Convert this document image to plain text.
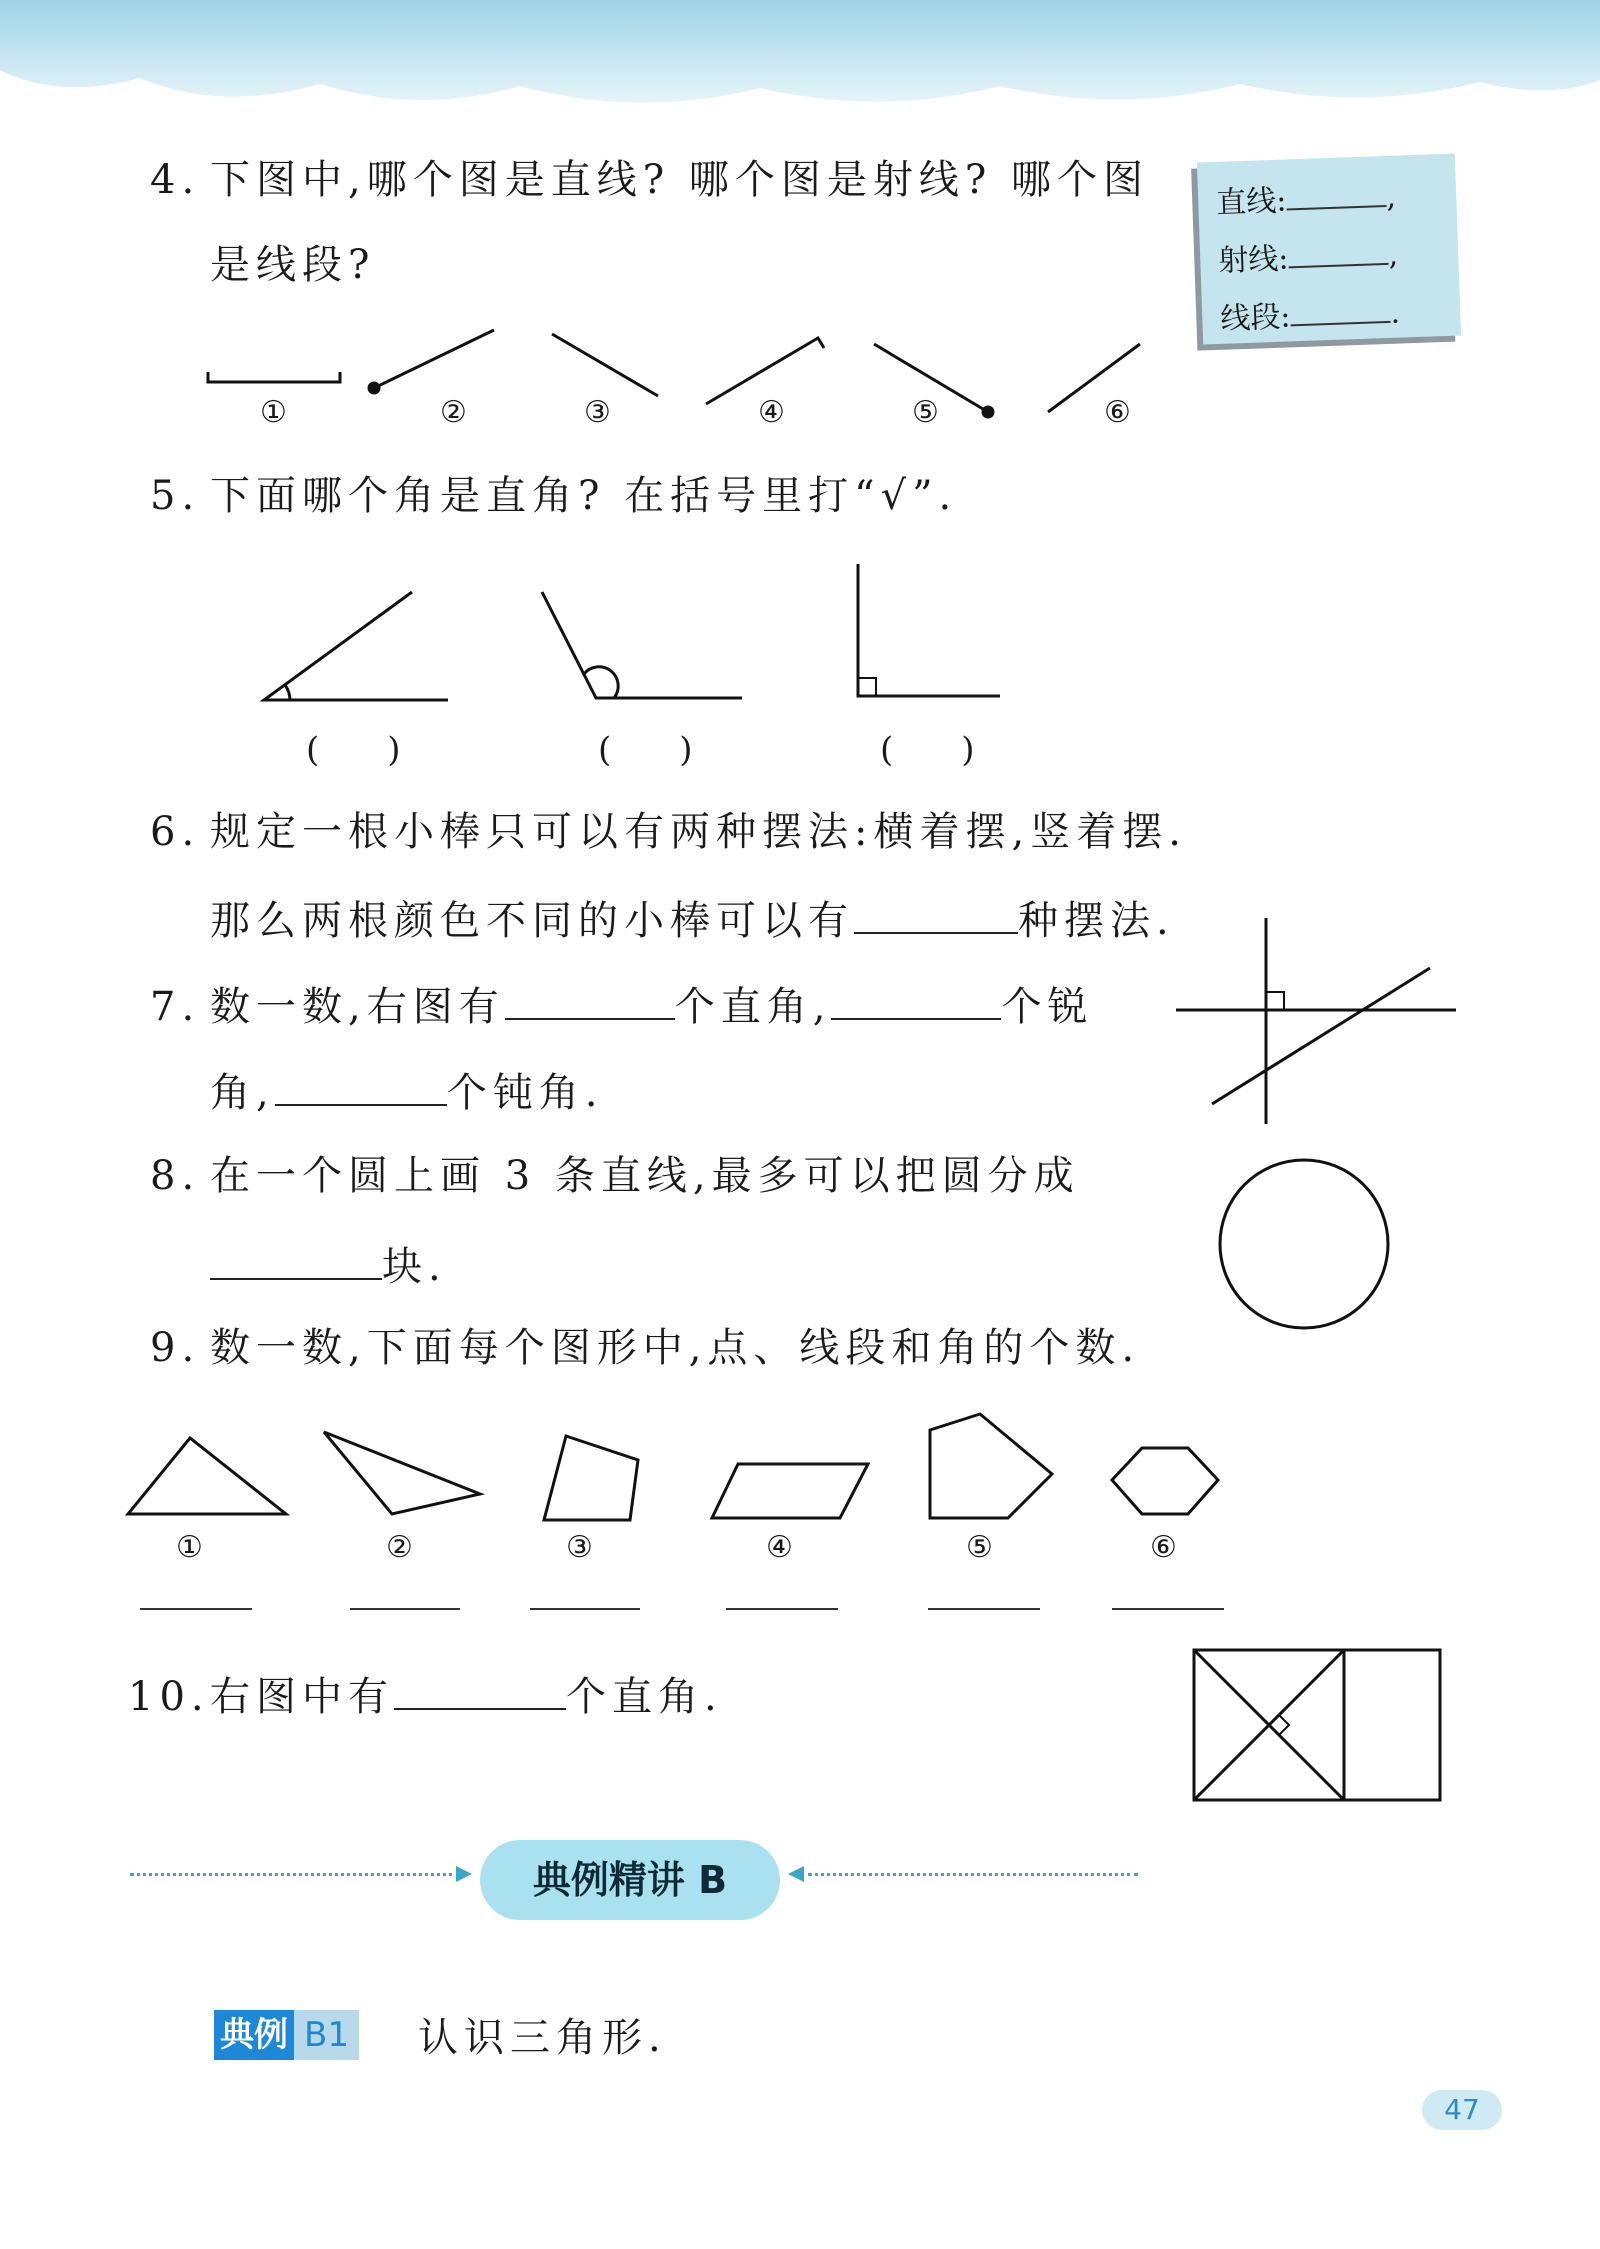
4. 下图中,哪个图是直线? 哪个图是射线? 哪个图
是线段?
直线:	,
射线:	,
线段:	.
①	②	③	④	⑤	⑥
5. 下面哪个角是直角? 在括号里打“√”.
(　　)	(　　)	(　　)
6. 规定一根小棒只可以有两种摆法:横着摆,竖着摆.
那么两根颜色不同的小棒可以有	种摆法.
7. 数一数,右图有	个直角,	个锐
角,	个钝角.
8. 在一个圆上画 3 条直线,最多可以把圆分成
块.
9. 数一数,下面每个图形中,点、线段和角的个数.
①	②	③	④	⑤	⑥
10.右图中有	个直角.
典例精讲 B
典例 B1 认识三角形.
47
